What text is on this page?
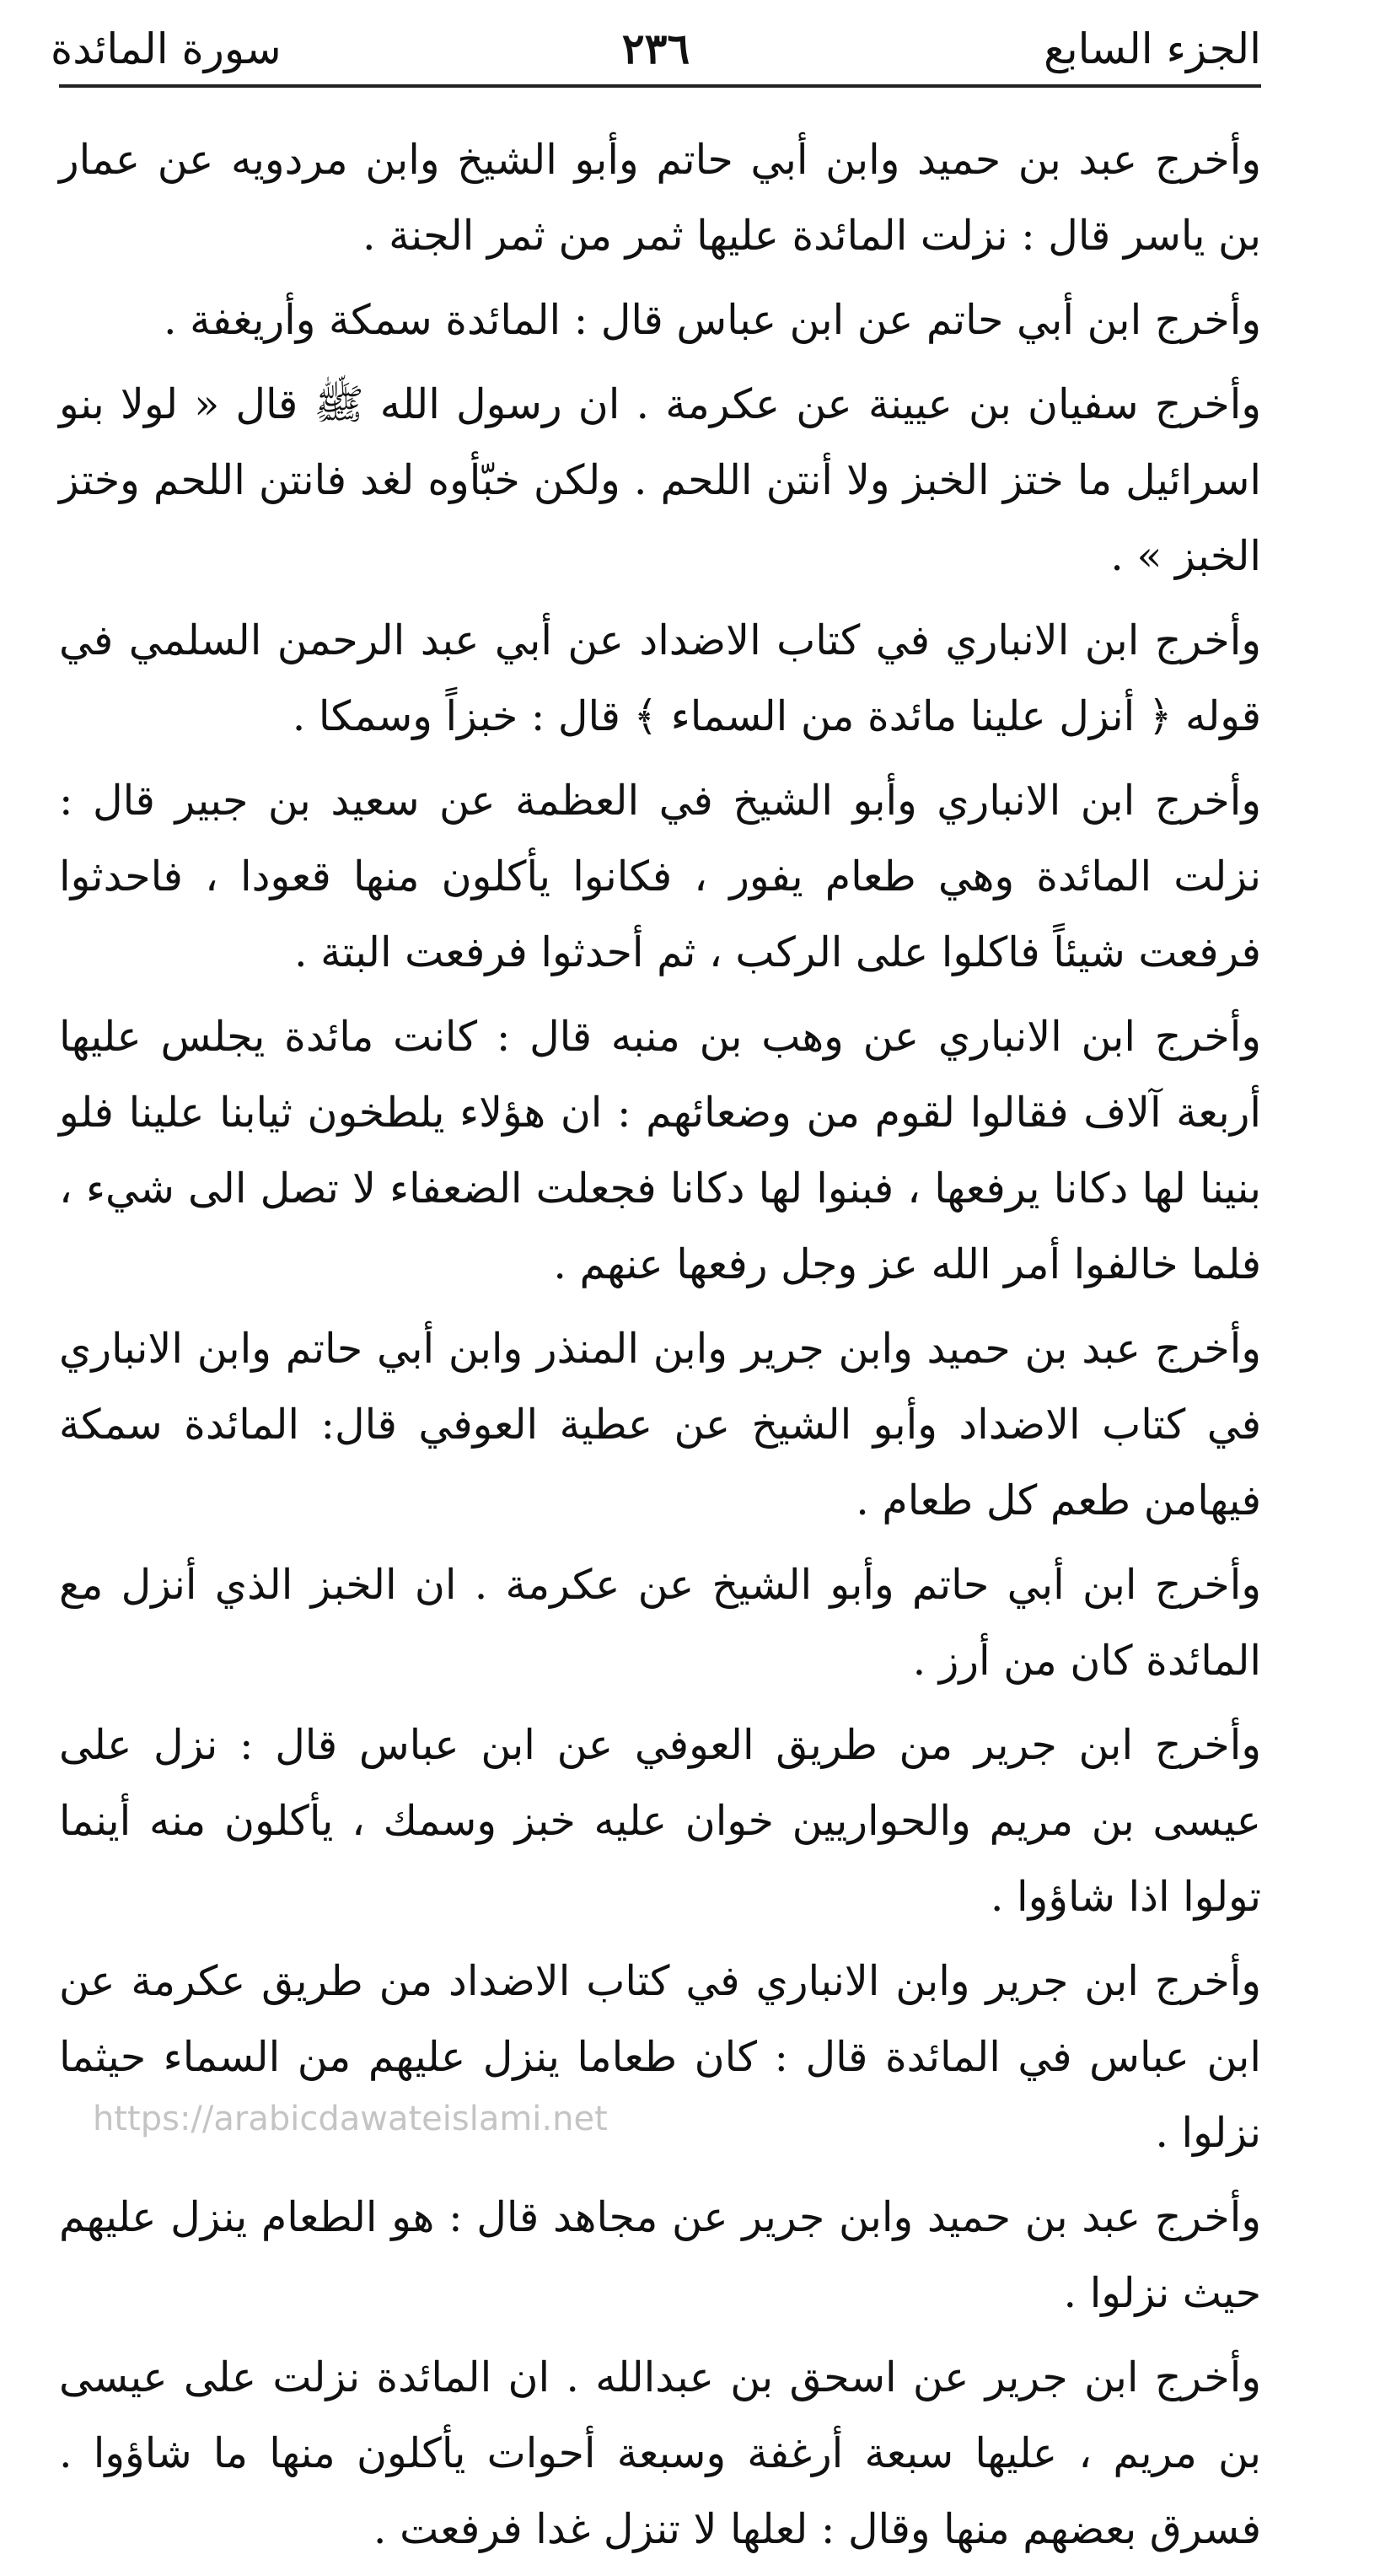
الجزء السابع
٢٣٦
سورة المائدة

وأخرج عبد بن حميد وابن أبي حاتم وأبو الشيخ وابن مردويه عن عمار بن ياسر قال : نزلت المائدة عليها ثمر من ثمر الجنة .

وأخرج ابن أبي حاتم عن ابن عباس قال : المائدة سمكة وأريغفة .

وأخرج سفيان بن عيينة عن عكرمة . ان رسول الله ﷺ قال « لولا بنو اسرائيل ما ختز الخبز ولا أنتن اللحم . ولكن خبّأوه لغد فانتن اللحم وختز الخبز » .

وأخرج ابن الانباري في كتاب الاضداد عن أبي عبد الرحمن السلمي في قوله ﴿ أنزل علينا مائدة من السماء ﴾ قال : خبزاً وسمكا .

وأخرج ابن الانباري وأبو الشيخ في العظمة عن سعيد بن جبير قال : نزلت المائدة وهي طعام يفور ، فكانوا يأكلون منها قعودا ، فاحدثوا فرفعت شيئاً فاكلوا على الركب ، ثم أحدثوا فرفعت البتة .

وأخرج ابن الانباري عن وهب بن منبه قال : كانت مائدة يجلس عليها أربعة آلاف فقالوا لقوم من وضعائهم : ان هؤلاء يلطخون ثيابنا علينا فلو بنينا لها دكانا يرفعها ، فبنوا لها دكانا فجعلت الضعفاء لا تصل الى شيء ، فلما خالفوا أمر الله عز وجل رفعها عنهم .

وأخرج عبد بن حميد وابن جرير وابن المنذر وابن أبي حاتم وابن الانباري في كتاب الاضداد وأبو الشيخ عن عطية العوفي قال: المائدة سمكة فيهامن طعم كل طعام .

وأخرج ابن أبي حاتم وأبو الشيخ عن عكرمة . ان الخبز الذي أنزل مع المائدة كان من أرز .

وأخرج ابن جرير من طريق العوفي عن ابن عباس قال : نزل على عيسى بن مريم والحواريين خوان عليه خبز وسمك ، يأكلون منه أينما تولوا اذا شاؤوا .

وأخرج ابن جرير وابن الانباري في كتاب الاضداد من طريق عكرمة عن ابن عباس في المائدة قال : كان طعاما ينزل عليهم من السماء حيثما نزلوا .

وأخرج عبد بن حميد وابن جرير عن مجاهد قال : هو الطعام ينزل عليهم حيث نزلوا .

وأخرج ابن جرير عن اسحق بن عبدالله . ان المائدة نزلت على عيسى بن مريم ، عليها سبعة أرغفة وسبعة أحوات يأكلون منها ما شاؤوا . فسرق بعضهم منها وقال : لعلها لا تنزل غدا فرفعت .

https://arabicdawateislami.net
